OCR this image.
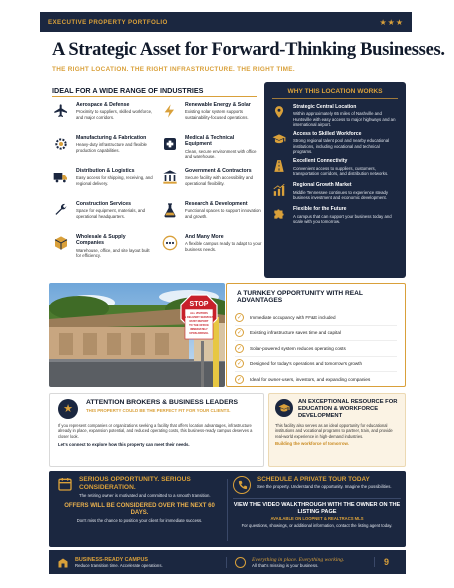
EXECUTIVE PROPERTY PORTFOLIO	★★★
A Strategic Asset for Forward-Thinking Businesses.
THE RIGHT LOCATION. THE RIGHT INFRASTRUCTURE. THE RIGHT TIME.
IDEAL FOR A WIDE RANGE OF INDUSTRIES
Aerospace & Defense
Proximity to suppliers, skilled workforce, and major corridors.
Renewable Energy & Solar
Existing solar system supports sustainability-focused operations.
Manufacturing & Fabrication
Heavy-duty infrastructure and flexible production capabilities.
Medical & Technical Equipment
Clean, secure environment with office and warehouse.
Distribution & Logistics
Easy access for shipping, receiving, and regional delivery.
Government & Contractors
Secure facility with accessibility and operational flexibility.
Construction Services
Space for equipment, materials, and operational headquarters.
Research & Development
Functional spaces to support innovation and growth.
Wholesale & Supply Companies
Warehouse, office, and site layout built for efficiency.
And Many More
A flexible campus ready to adapt to your business needs.
WHY THIS LOCATION WORKS
Strategic Central Location
Within approximately 65 miles of Nashville and Huntsville with easy access to major highways and an international airport.
Access to Skilled Workforce
Strong regional talent pool and nearby educational institutions, including vocational and technical programs.
Excellent Connectivity
Convenient access to suppliers, customers, transportation corridors, and distribution networks.
Regional Growth Market
Middle Tennessee continues to experience steady business investment and economic development.
Flexible for the Future
A campus that can support your business today and scale with you tomorrow.
STOP
ALL VISITORS
& DELIVERY SERVICES
MUST REPORT
TO THE OFFICE
IMMEDIATELY
UPON ARRIVAL
A TURNKEY OPPORTUNITY WITH REAL ADVANTAGES
✓	Immediate occupancy with FF&E included
✓	Existing infrastructure saves time and capital
✓	Solar-powered system reduces operating costs
✓	Designed for today's operations and tomorrow's growth
✓	Ideal for owner-users, investors, and expanding companies
★ ATTENTION BROKERS & BUSINESS LEADERS
THIS PROPERTY COULD BE THE PERFECT FIT FOR YOUR CLIENTS.
If you represent companies or organizations seeking a facility that offers location advantages, infrastructure already in place, expansion potential, and reduced operating costs, this business-ready campus deserves a closer look.
Let's connect to explore how this property can meet their needs.
AN EXCEPTIONAL RESOURCE FOR EDUCATION & WORKFORCE DEVELOPMENT
This facility also serves as an ideal opportunity for educational institutions and vocational programs to partner, train, and provide real-world experience in high-demand industries.
Building the workforce of tomorrow.
SERIOUS OPPORTUNITY. SERIOUS CONSIDERATION.
The retiring owner is motivated and committed to a smooth transition.
OFFERS WILL BE CONSIDERED OVER THE NEXT 60 DAYS.
Don't miss the chance to position your client for immediate success.
SCHEDULE A PRIVATE TOUR TODAY
See the property. Understand the opportunity. Imagine the possibilities.
VIEW THE VIDEO WALKTHROUGH WITH THE OWNER ON THE LISTING PAGE
AVAILABLE ON LOOPNET & REALTRACS MLS
For questions, showings, or additional information, contact the listing agent today.
BUSINESS-READY CAMPUS
Reduce transition time. Accelerate operations.
Everything in place. Everything working.
All that's missing is your business.	9
